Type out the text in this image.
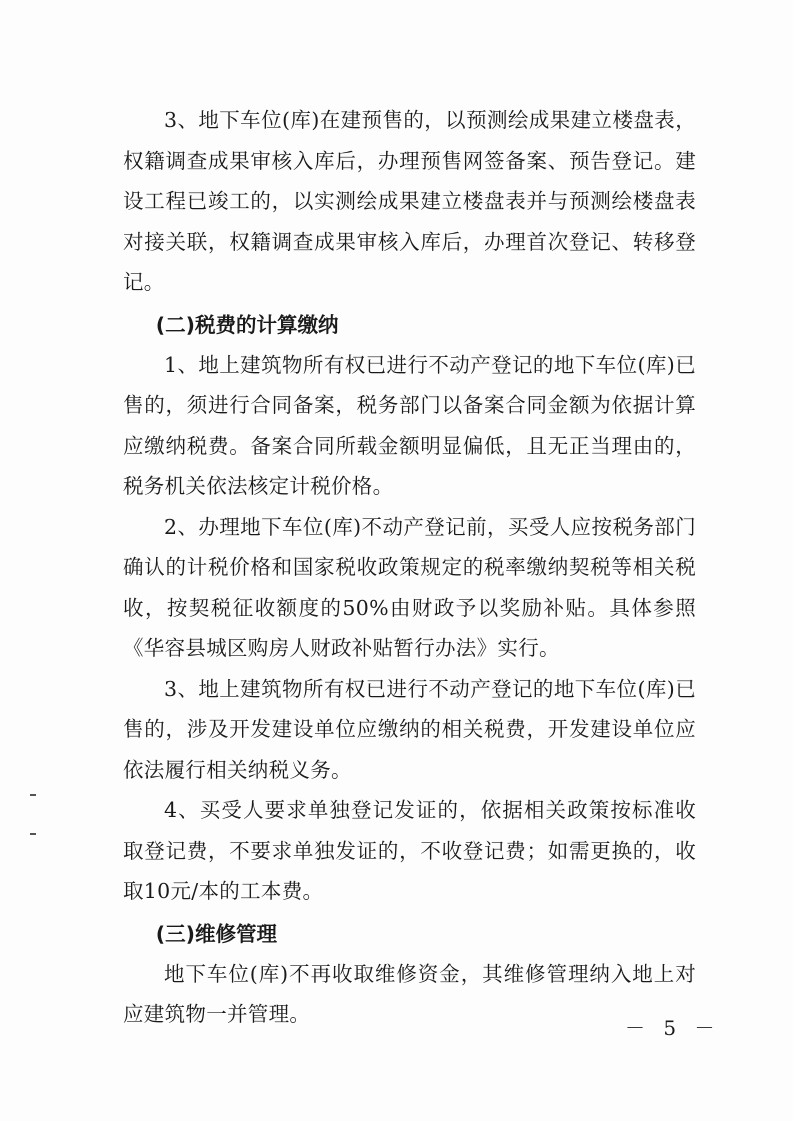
3、地下车位(库)在建预售的，以预测绘成果建立楼盘表，权籍调查成果审核入库后，办理预售网签备案、预告登记。建设工程已竣工的，以实测绘成果建立楼盘表并与预测绘楼盘表对接关联，权籍调查成果审核入库后，办理首次登记、转移登记。

(二)税费的计算缴纳

1、地上建筑物所有权已进行不动产登记的地下车位(库)已售的，须进行合同备案，税务部门以备案合同金额为依据计算应缴纳税费。备案合同所载金额明显偏低，且无正当理由的，税务机关依法核定计税价格。

2、办理地下车位(库)不动产登记前，买受人应按税务部门确认的计税价格和国家税收政策规定的税率缴纳契税等相关税收，按契税征收额度的50%由财政予以奖励补贴。具体参照《华容县城区购房人财政补贴暂行办法》实行。

3、地上建筑物所有权已进行不动产登记的地下车位(库)已售的，涉及开发建设单位应缴纳的相关税费，开发建设单位应依法履行相关纳税义务。

4、买受人要求单独登记发证的，依据相关政策按标准收取登记费，不要求单独发证的，不收登记费；如需更换的，收取10元/本的工本费。

(三)维修管理

地下车位(库)不再收取维修资金，其维修管理纳入地上对应建筑物一并管理。

－ 5 －
